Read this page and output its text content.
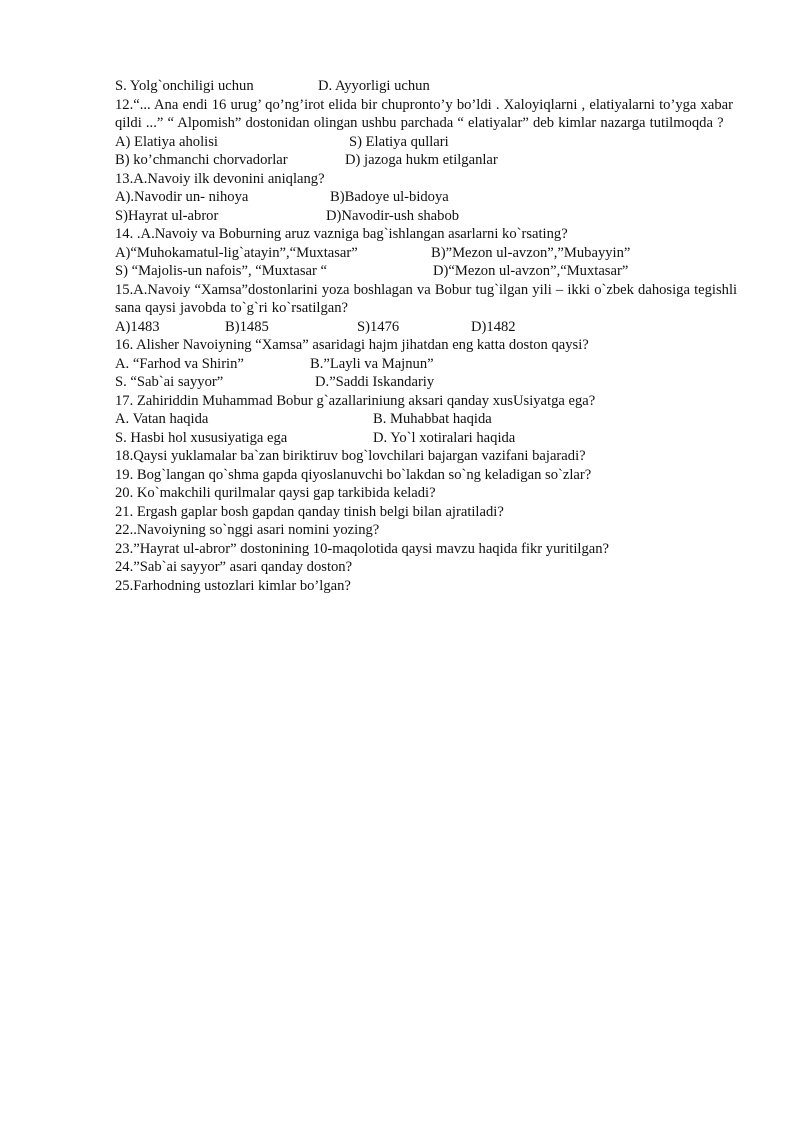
S. Yolg`onchiligi uchun	D. Ayyorligi uchun
12.“... Ana endi 16 urug’ qo’ng’irot elida bir chupronto’y bo’ldi . Xaloyiqlarni , elatiyalarni to’yga xabar qildi ...” “ Alpomish” dostonidan olingan ushbu parchada “ elatiyalar” deb kimlar nazarga tutilmoqda ?
A) Elatiya aholisi	S) Elatiya qullari
B) ko’chmanchi chorvadorlar	D) jazoga hukm etilganlar
13.A.Navoiy ilk devonini aniqlang?
A).Navodir un- nihoya	B)Badoye ul-bidoya
S)Hayrat ul-abror	D)Navodir-ush shabob
14. .A.Navoiy va Boburning aruz vazniga bag`ishlangan asarlarni ko`rsating?
A)“Muhokamatul-lig`atayin”,“Muxtasar”	B)”Mezon ul-avzon”,”Mubayyin”
S) “Majolis-un nafois”, “Muxtasar “	D)“Mezon ul-avzon”,“Muxtasar”
15.A.Navoiy “Xamsa”dostonlarini yoza boshlagan va Bobur tug`ilgan yili – ikki o`zbek dahosiga tegishli sana qaysi javobda to`g`ri ko`rsatilgan?
A)1483	B)1485	S)1476	D)1482
16. Alisher Navoiyning “Xamsa” asaridagi hajm jihatdan eng katta doston qaysi?
A. “Farhod va Shirin”	B.”Layli va Majnun”
S. “Sab`ai sayyor”	D.”Saddi Iskandariy
17. Zahiriddin Muhammad Bobur g`azallariniung aksari qanday xusUsiyatga ega?
A. Vatan haqida	B. Muhabbat haqida
S. Hasbi hol xususiyatiga ega	D. Yo`l xotiralari haqida
18.Qaysi yuklamalar ba`zan biriktiruv bog`lovchilari bajargan vazifani bajaradi?
19. Bog`langan qo`shma gapda qiyoslanuvchi bo`lakdan so`ng keladigan so`zlar?
20. Ko`makchili qurilmalar qaysi gap tarkibida keladi?
21. Ergash gaplar bosh gapdan qanday tinish belgi bilan ajratiladi?
22..Navoiyning so`nggi asari nomini yozing?
23.”Hayrat ul-abror” dostonining 10-maqolotida qaysi mavzu haqida fikr yuritilgan?
24.”Sab`ai sayyor” asari qanday doston?
25.Farhodning ustozlari kimlar bo’lgan?
